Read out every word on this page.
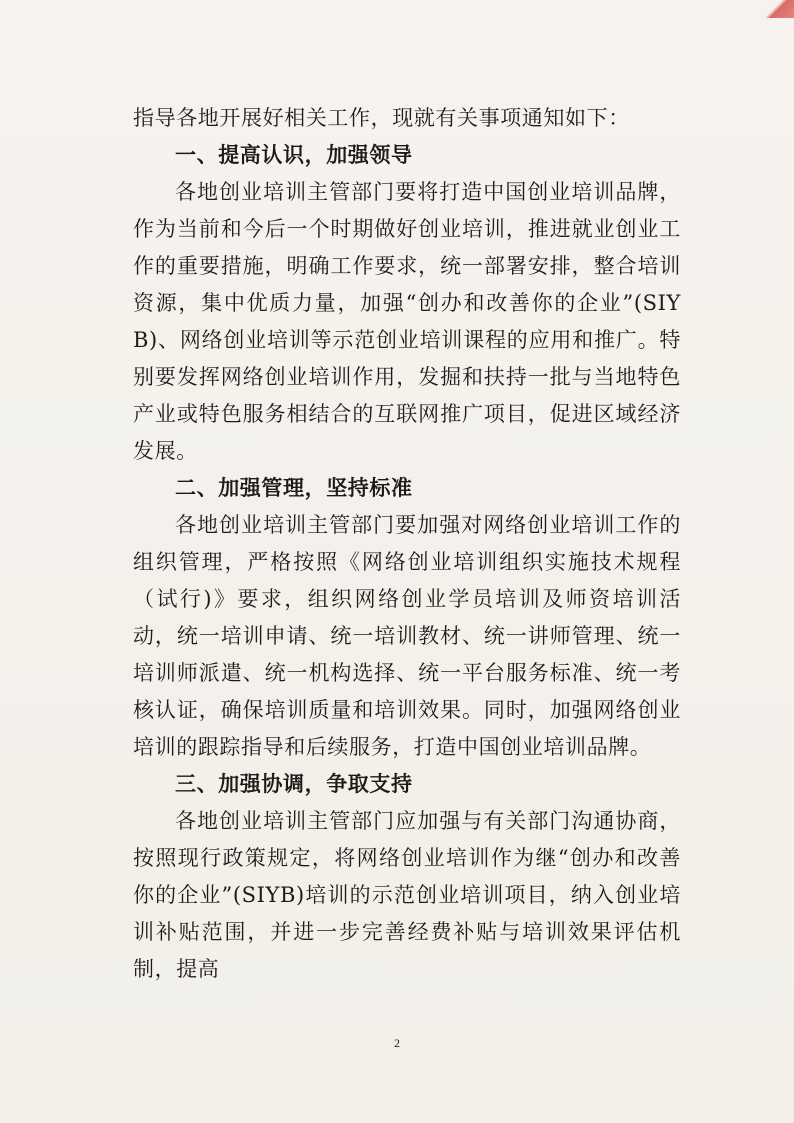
指导各地开展好相关工作，现就有关事项通知如下：

一、提高认识，加强领导

各地创业培训主管部门要将打造中国创业培训品牌，作为当前和今后一个时期做好创业培训，推进就业创业工作的重要措施，明确工作要求，统一部署安排，整合培训资源，集中优质力量，加强“创办和改善你的企业”(SIYB)、网络创业培训等示范创业培训课程的应用和推广。特别要发挥网络创业培训作用，发掘和扶持一批与当地特色产业或特色服务相结合的互联网推广项目，促进区域经济发展。

二、加强管理，坚持标准

各地创业培训主管部门要加强对网络创业培训工作的组织管理，严格按照《网络创业培训组织实施技术规程（试行)》要求，组织网络创业学员培训及师资培训活动，统一培训申请、统一培训教材、统一讲师管理、统一培训师派遣、统一机构选择、统一平台服务标准、统一考核认证，确保培训质量和培训效果。同时，加强网络创业培训的跟踪指导和后续服务，打造中国创业培训品牌。

三、加强协调，争取支持

各地创业培训主管部门应加强与有关部门沟通协商，按照现行政策规定，将网络创业培训作为继“创办和改善你的企业”(SIYB)培训的示范创业培训项目，纳入创业培训补贴范围，并进一步完善经费补贴与培训效果评估机制，提高

2
